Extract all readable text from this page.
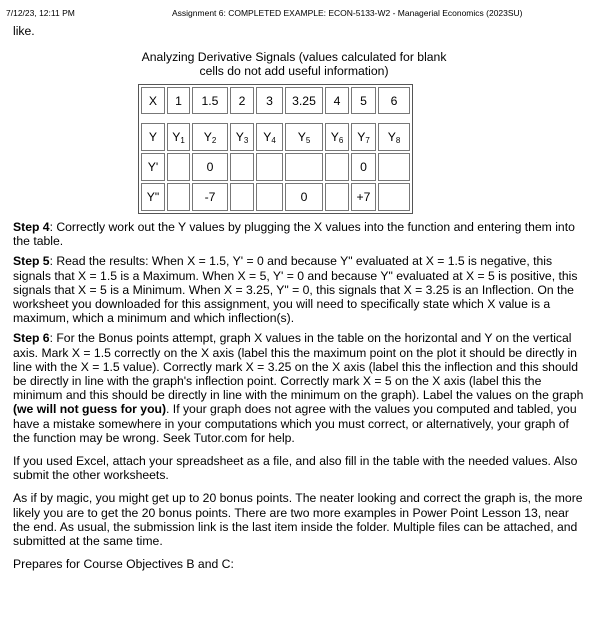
7/12/23, 12:11 PM	Assignment 6: COMPLETED EXAMPLE: ECON-5133-W2 - Managerial Economics (2023SU)
like.
Analyzing Derivative Signals (values calculated for blank
cells do not add useful information)
X	1	1.5	2	3	3.25	4	5	6

Y	$Y_1$	$Y_2$	$Y_3$	$Y_4$	$Y_5$	$Y_6$	$Y_7$	$Y_8$
Y'		0					0	
Y"		-7			0		+7	

Step 4: Correctly work out the Y values by plugging the X values into the function and entering them into the table.

Step 5: Read the results: When X = 1.5, Y' = 0 and because Y" evaluated at X = 1.5 is negative, this signals that X = 1.5 is a Maximum. When X = 5, Y' = 0 and because Y" evaluated at X = 5 is positive, this signals that X = 5 is a Minimum. When X = 3.25, Y" = 0, this signals that X = 3.25 is an Inflection. On the worksheet you downloaded for this assignment, you will need to specifically state which X value is a maximum, which a minimum and which inflection(s).

Step 6: For the Bonus points attempt, graph X values in the table on the horizontal and Y on the vertical axis. Mark X = 1.5 correctly on the X axis (label this the maximum point on the plot it should be directly in line with the X = 1.5 value). Correctly mark X = 3.25 on the X axis (label this the inflection and this should be directly in line with the graph's inflection point. Correctly mark X = 5 on the X axis (label this the minimum and this should be directly in line with the minimum on the graph). Label the values on the graph (we will not guess for you). If your graph does not agree with the values you computed and tabled, you have a mistake somewhere in your computations which you must correct, or alternatively, your graph of the function may be wrong. Seek Tutor.com for help.

If you used Excel, attach your spreadsheet as a file, and also fill in the table with the needed values. Also submit the other worksheets.

As if by magic, you might get up to 20 bonus points. The neater looking and correct the graph is, the more likely you are to get the 20 bonus points. There are two more examples in Power Point Lesson 13, near the end. As usual, the submission link is the last item inside the folder. Multiple files can be attached, and submitted at the same time.

Prepares for Course Objectives B and C:
